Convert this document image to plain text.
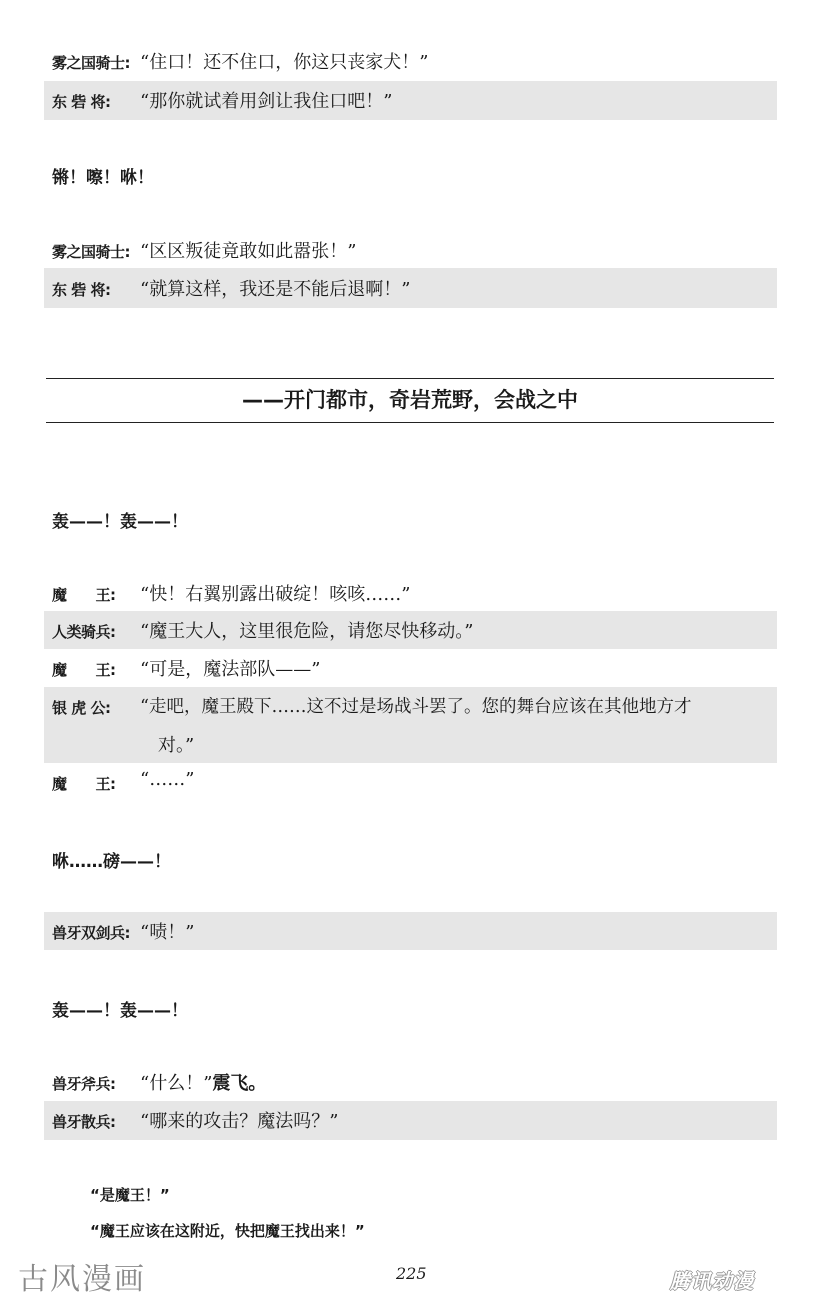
雾之国骑士: “住口！还不住口，你这只丧家犬！”
东 砦 将: “那你就试着用剑让我住口吧！”
锵！嚓！咻！
雾之国骑士: “区区叛徒竟敢如此嚣张！”
东 砦 将: “就算这样，我还是不能后退啊！”
——开门都市，奇岩荒野，会战之中
轰——！轰——！
魔　　王: “快！右翼别露出破绽！咳咳……”
人类骑兵: “魔王大人，这里很危险，请您尽快移动。”
魔　　王: “可是，魔法部队——”
银 虎 公: “走吧，魔王殿下……这不过是场战斗罢了。您的舞台应该在其他地方才
对。”
魔　　王: “……”
咻……磅——！
兽牙双剑兵: “啧！”
轰——！轰——！
兽牙斧兵: “什么！”震飞。
兽牙散兵: “哪来的攻击？魔法吗？”
“是魔王！”
“魔王应该在这附近，快把魔王找出来！”
古风漫画	225	腾讯动漫
